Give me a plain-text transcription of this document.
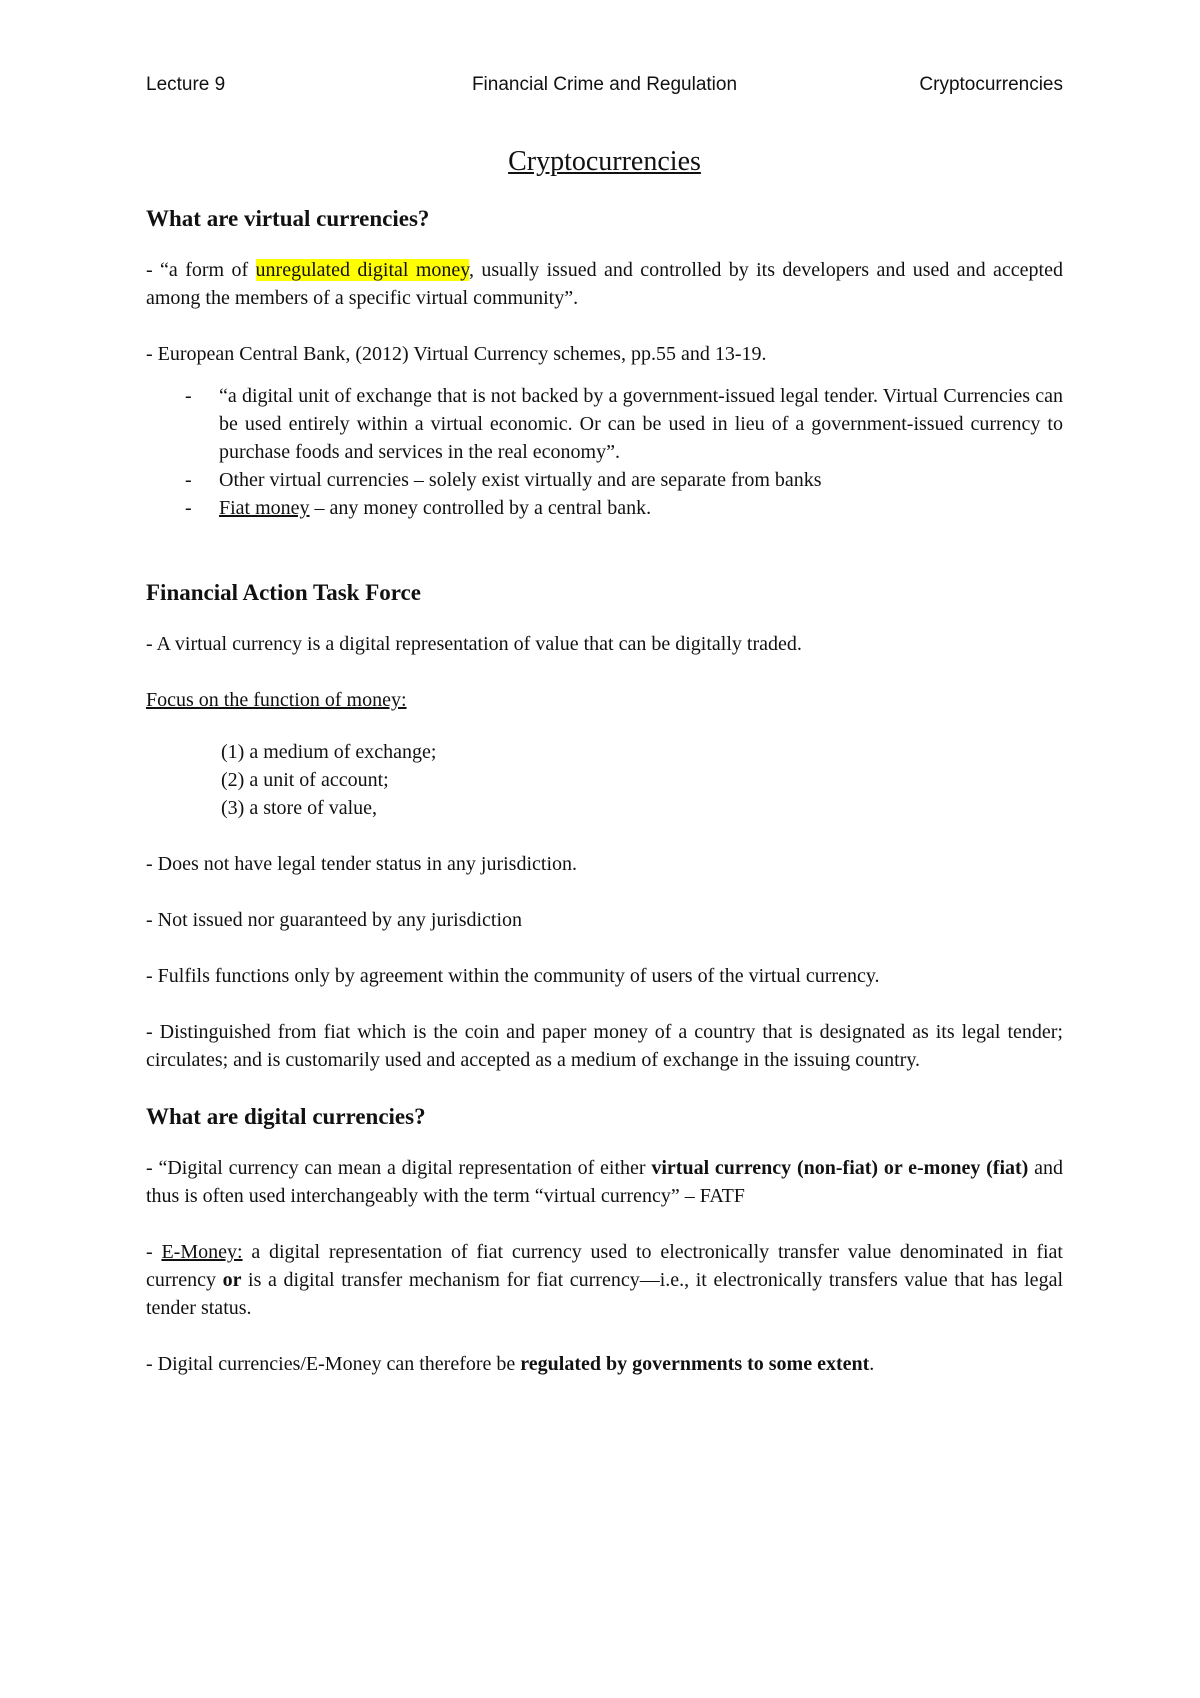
Lecture 9	Financial Crime and Regulation	Cryptocurrencies
Cryptocurrencies
What are virtual currencies?

- “a form of unregulated digital money, usually issued and controlled by its developers and used and accepted among the members of a specific virtual community”.

- European Central Bank, (2012) Virtual Currency schemes, pp.55 and 13-19.

- “a digital unit of exchange that is not backed by a government-issued legal tender. Virtual Currencies can be used entirely within a virtual economic. Or can be used in lieu of a government-issued currency to purchase foods and services in the real economy”.
- Other virtual currencies – solely exist virtually and are separate from banks
- Fiat money – any money controlled by a central bank.
Financial Action Task Force

- A virtual currency is a digital representation of value that can be digitally traded.

Focus on the function of money:

(1) a medium of exchange;
(2) a unit of account;
(3) a store of value,

- Does not have legal tender status in any jurisdiction.

- Not issued nor guaranteed by any jurisdiction

- Fulfils functions only by agreement within the community of users of the virtual currency.

- Distinguished from fiat which is the coin and paper money of a country that is designated as its legal tender; circulates; and is customarily used and accepted as a medium of exchange in the issuing country.

What are digital currencies?

- “Digital currency can mean a digital representation of either virtual currency (non-fiat) or e-money (fiat) and thus is often used interchangeably with the term “virtual currency” – FATF

- E-Money: a digital representation of fiat currency used to electronically transfer value denominated in fiat currency or is a digital transfer mechanism for fiat currency—i.e., it electronically transfers value that has legal tender status.

- Digital currencies/E-Money can therefore be regulated by governments to some extent.
